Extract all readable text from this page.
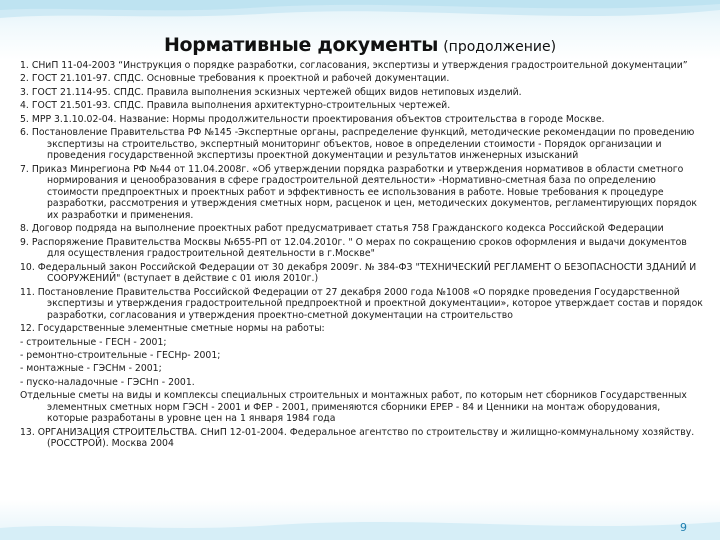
Нормативные документы (продолжение)

1. СНиП 11-04-2003 “Инструкция о порядке разработки, согласования, экспертизы и утверждения градостроительной документации”

2. ГОСТ 21.101-97. СПДС. Основные требования к проектной и рабочей документации.

3. ГОСТ 21.114-95. СПДС. Правила выполнения эскизных чертежей общих видов нетиповых изделий.

4. ГОСТ 21.501-93. СПДС. Правила выполнения архитектурно-строительных чертежей.

5. МРР 3.1.10.02-04. Название: Нормы продолжительности проектирования объектов строительства в городе Москве.

6. Постановление Правительства РФ №145 -Экспертные органы, распределение функций, методические рекомендации по проведению экспертизы на строительство, экспертный мониторинг объектов, новое в определении стоимости - Порядок организации и проведения государственной экспертизы проектной документации и результатов инженерных изысканий

7. Приказ Минрегиона РФ №44 от 11.04.2008г. «Об утверждении порядка разработки и утверждения нормативов в области сметного нормирования и ценообразования в сфере градостроительной деятельности» -Нормативно-сметная база по определению стоимости предпроектных и проектных работ и эффективность ее использования в работе. Новые требования к процедуре разработки, рассмотрения и утверждения сметных норм, расценок и цен, методических документов, регламентирующих порядок их разработки и применения.

8. Договор подряда на выполнение проектных работ предусматривает статья 758 Гражданского кодекса Российской Федерации

9. Распоряжение Правительства Москвы №655-РП от 12.04.2010г. " О мерах по сокращению сроков оформления и выдачи документов для осуществления градостроительной деятельности в г.Москве"

10. Федеральный закон Российской Федерации от 30 декабря 2009г. № 384-ФЗ "ТЕХНИЧЕСКИЙ РЕГЛАМЕНТ О БЕЗОПАСНОСТИ ЗДАНИЙ И СООРУЖЕНИЙ" (вступает в действие с 01 июля 2010г.)

11. Постановление Правительства Российской Федерации от 27 декабря 2000 года №1008 «О порядке проведения Государственной экспертизы и утверждения градостроительной предпроектной и проектной документации», которое утверждает состав и порядок разработки, согласования и утверждения проектно-сметной документации на строительство

12. Государственные элементные сметные нормы на работы:

- строительные - ГЕСН - 2001;

- ремонтно-строительные - ГЕСНр- 2001;

- монтажные - ГЭСНм - 2001;

- пуско-наладочные - ГЭСНп - 2001.

Отдельные сметы на виды и комплексы специальных строительных и монтажных работ, по которым нет сборников Государственных элементных сметных норм ГЭСН - 2001 и ФЕР - 2001, применяются сборники ЕРЕР - 84 и Ценники на монтаж оборудования, которые разработаны в уровне цен на 1 января 1984 года

13. ОРГАНИЗАЦИЯ СТРОИТЕЛЬСТВА. СНиП 12-01-2004. Федеральное агентство по строительству и жилищно-коммунальному хозяйству. (РОССТРОЙ). Москва 2004

9
